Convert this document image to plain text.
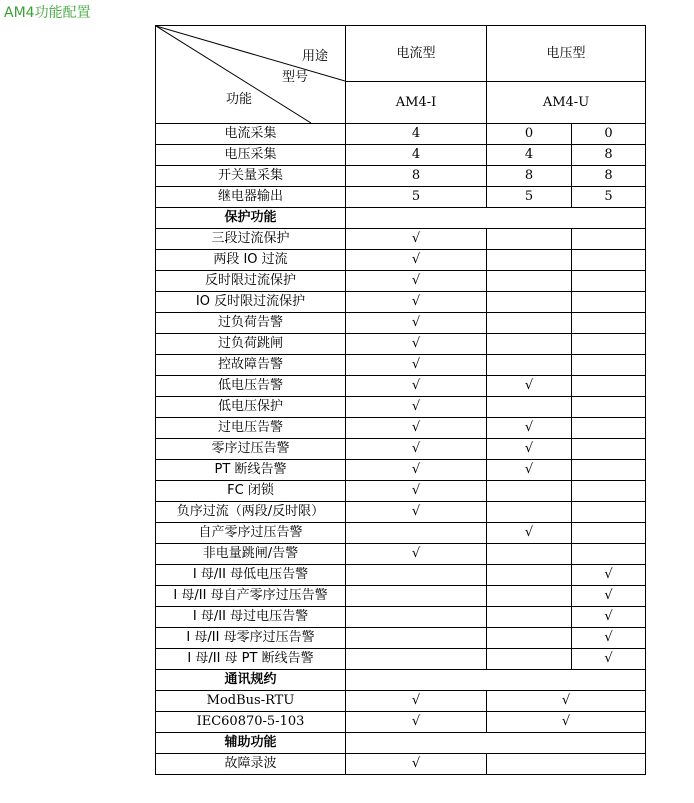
AM4功能配置
用途
型号
功能	电流型	电压型	
	AM4-I	AM4-U	
电流采集	4	0	0
电压采集	4	4	8
开关量采集	8	8	8
继电器输出	5	5	5
保护功能			
三段过流保护	√		
两段 IO 过流	√		
反时限过流保护	√		
IO 反时限过流保护	√		
过负荷告警	√		
过负荷跳闸	√		
控故障告警	√		
低电压告警	√	√	
低电压保护	√		
过电压告警	√	√	
零序过压告警	√	√	
PT 断线告警	√	√	
FC 闭锁	√		
负序过流（两段/反时限）	√		
自产零序过压告警		√	
非电量跳闸/告警	√		
I 母/II 母低电压告警			√
I 母/II 母自产零序过压告警			√
I 母/II 母过电压告警			√
I 母/II 母零序过压告警			√
I 母/II 母 PT 断线告警			√
通讯规约			
ModBus-RTU	√	√	
IEC60870-5-103	√	√	
辅助功能			
故障录波	√		
